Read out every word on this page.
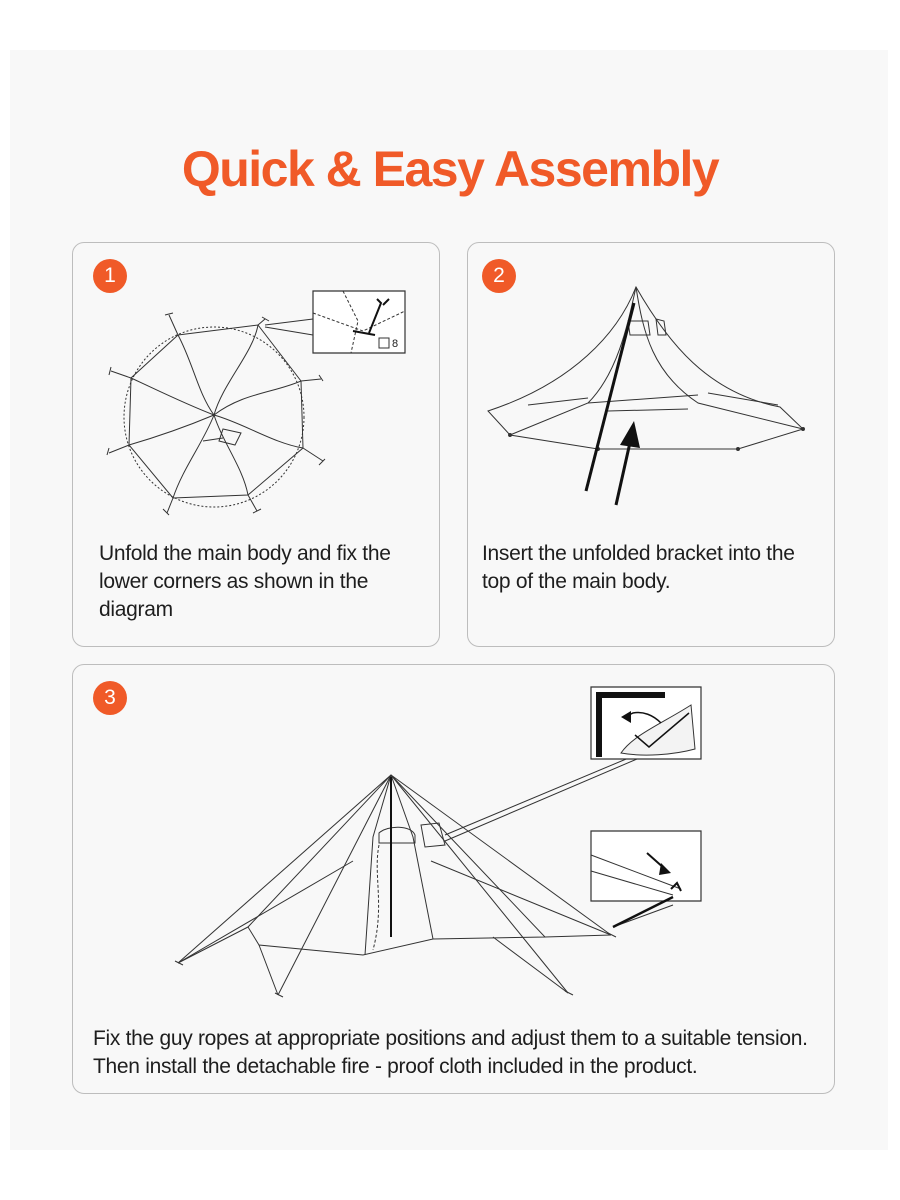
Quick & Easy Assembly
1
8
Unfold the main body and fix the lower corners as shown in the diagram
2
Insert the unfolded bracket into the top of the main body.
3
Fix the guy ropes at appropriate positions and adjust them to a suitable tension. Then install the detachable fire - proof cloth included in the product.
